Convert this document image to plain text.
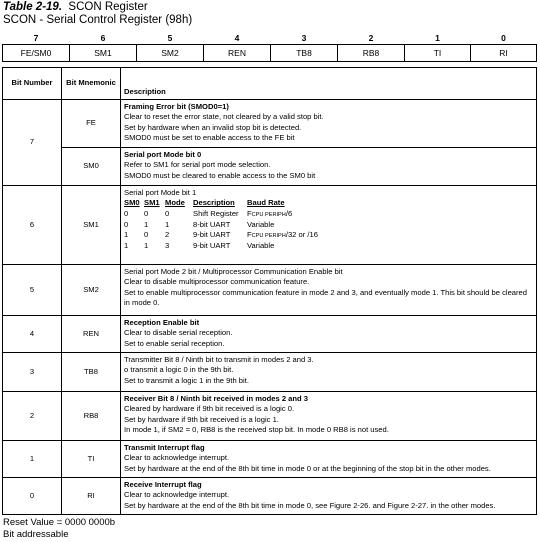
Table 2-19. SCON Register
SCON - Serial Control Register (98h)
7	6	5	4	3	2	1	0
FE/SM0	SM1	SM2	REN	TB8	RB8	TI	RI
Bit Number	Bit Mnemonic	Description
7	FE	
Framing Error bit (SMOD0=1)
Clear to reset the error state, not cleared by a valid stop bit.
Set by hardware when an invalid stop bit is detected.
SMOD0 must be set to enable access to the FE bit

SM0	
Serial port Mode bit 0
Refer to SM1 for serial port mode selection.
SMOD0 must be cleared to enable access to the SM0 bit

6	SM1	
Serial port Mode bit 1
SM0	SM1	Mode	Description	Baud Rate
0	0	0	Shift Register	FCPU PERIPH/6
0	1	1	8-bit UART	Variable
1	0	2	9-bit UART	FCPU PERIPH/32 or /16
1	1	3	9-bit UART	Variable

5	SM2	
Serial port Mode 2 bit / Multiprocessor Communication Enable bit
Clear to disable multiprocessor communication feature.
Set to enable multiprocessor communication feature in mode 2 and 3, and eventually mode 1. This bit should be cleared in mode 0.

4	REN	
Reception Enable bit
Clear to disable serial reception.
Set to enable serial reception.

3	TB8	
Transmitter Bit 8 / Ninth bit to transmit in modes 2 and 3.
o transmit a logic 0 in the 9th bit.
Set to transmit a logic 1 in the 9th bit.

2	RB8	
Receiver Bit 8 / Ninth bit received in modes 2 and 3
Cleared by hardware if 9th bit received is a logic 0.
Set by hardware if 9th bit received is a logic 1.
In mode 1, if SM2 = 0, RB8 is the received stop bit. In mode 0 RB8 is not used.

1	TI	
Transmit Interrupt flag
Clear to acknowledge interrupt.
Set by hardware at the end of the 8th bit time in mode 0 or at the beginning of the stop bit in the other modes.

0	RI	
Receive Interrupt flag
Clear to acknowledge interrupt.
Set by hardware at the end of the 8th bit time in mode 0, see Figure 2-26. and Figure 2-27. in the other modes.
Reset Value = 0000 0000b
Bit addressable
